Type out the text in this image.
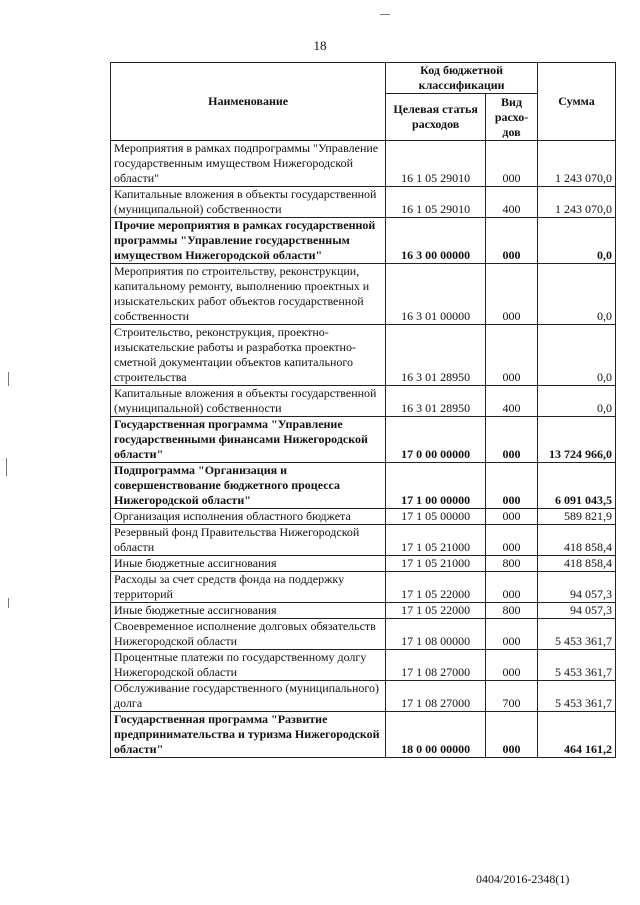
18
Наименование	Код бюджетной классификации		Сумма
	Целевая статья расходов	Вид расхо-дов	
Мероприятия в рамках подпрограммы "Управление государственным имуществом Нижегородской области"	16 1 05 29010	000	1 243 070,0
Капитальные вложения в объекты государственной (муниципальной) собственности	16 1 05 29010	400	1 243 070,0
Прочие мероприятия в рамках государственной программы "Управление государственным имуществом Нижегородской области"	16 3 00 00000	000	0,0
Мероприятия по строительству, реконструкции, капитальному ремонту, выполнению проектных и изыскательских работ объектов государственной собственности	16 3 01 00000	000	0,0
Строительство, реконструкция, проектно-изыскательские работы и разработка проектно-сметной документации объектов капитального строительства	16 3 01 28950	000	0,0
Капитальные вложения в объекты государственной (муниципальной) собственности	16 3 01 28950	400	0,0
Государственная программа "Управление государственными финансами Нижегородской области"	17 0 00 00000	000	13 724 966,0
Подпрограмма "Организация и совершенствование бюджетного процесса Нижегородской области"	17 1 00 00000	000	6 091 043,5
Организация исполнения областного бюджета	17 1 05 00000	000	589 821,9
Резервный фонд Правительства Нижегородской области	17 1 05 21000	000	418 858,4
Иные бюджетные ассигнования	17 1 05 21000	800	418 858,4
Расходы за счет средств фонда на поддержку территорий	17 1 05 22000	000	94 057,3
Иные бюджетные ассигнования	17 1 05 22000	800	94 057,3
Своевременное исполнение долговых обязательств Нижегородской области	17 1 08 00000	000	5 453 361,7
Процентные платежи по государственному долгу Нижегородской области	17 1 08 27000	000	5 453 361,7
Обслуживание государственного (муниципального) долга	17 1 08 27000	700	5 453 361,7
Государственная программа "Развитие предпринимательства и туризма Нижегородской области"	18 0 00 00000	000	464 161,2
0404/2016-2348(1)
